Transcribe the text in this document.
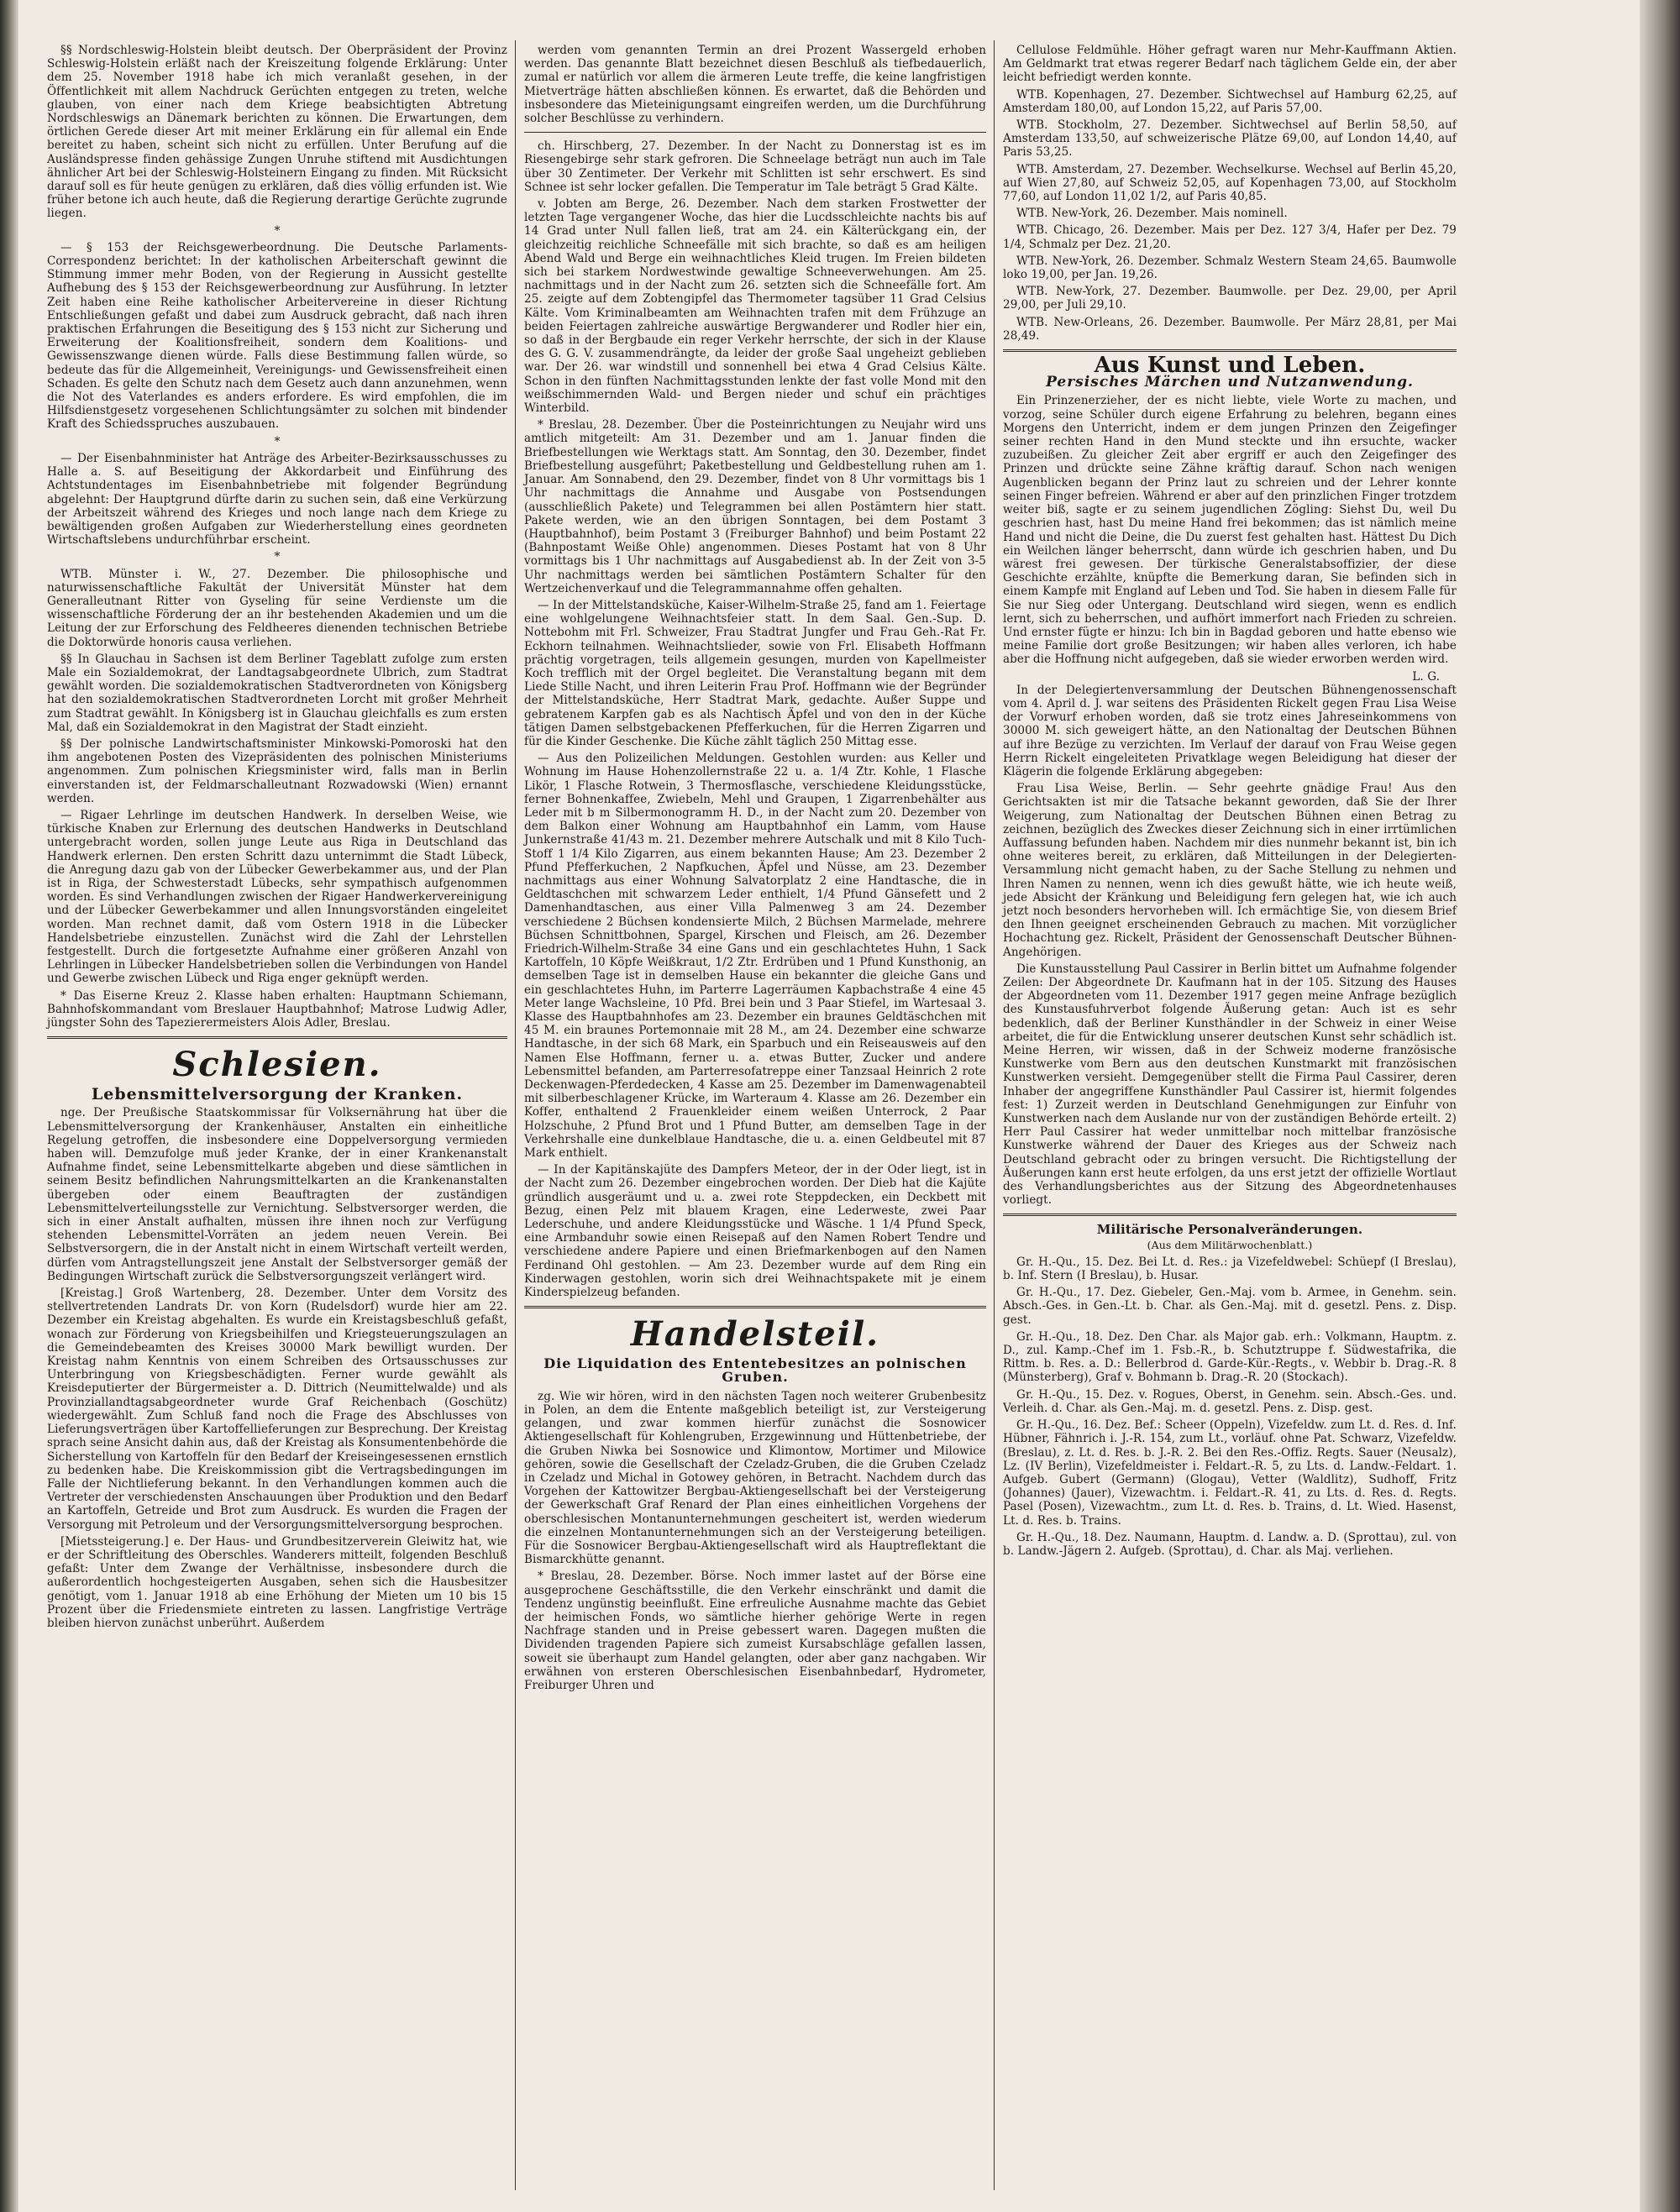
§§ Nordschleswig-Holstein bleibt deutsch. Der Oberpräsident der Provinz Schleswig-Holstein erläßt nach der Kreiszeitung folgende Erklärung: Unter dem 25. November 1918 habe ich mich veranlaßt gesehen, in der Öffentlichkeit mit allem Nachdruck Gerüchten entgegen zu treten, welche glauben, von einer nach dem Kriege beabsichtigten Abtretung Nordschleswigs an Dänemark berichten zu können. Die Erwartungen, dem örtlichen Gerede dieser Art mit meiner Erklärung ein für allemal ein Ende bereitet zu haben, scheint sich nicht zu erfüllen. Unter Berufung auf die Ausländspresse finden gehässige Zungen Unruhe stiftend mit Ausdichtungen ähnlicher Art bei der Schleswig-Holsteinern Eingang zu finden. Mit Rücksicht darauf soll es für heute genügen zu erklären, daß dies völlig erfunden ist. Wie früher betone ich auch heute, daß die Regierung derartige Gerüchte zugrunde liegen.

*

— § 153 der Reichsgewerbeordnung. Die Deutsche Parlaments-Correspondenz berichtet: In der katholischen Arbeiterschaft gewinnt die Stimmung immer mehr Boden, von der Regierung in Aussicht gestellte Aufhebung des § 153 der Reichsgewerbeordnung zur Ausführung. In letzter Zeit haben eine Reihe katholischer Arbeitervereine in dieser Richtung Entschließungen gefaßt und dabei zum Ausdruck gebracht, daß nach ihren praktischen Erfahrungen die Beseitigung des § 153 nicht zur Sicherung und Erweiterung der Koalitionsfreiheit, sondern dem Koalitions- und Gewissenszwange dienen würde. Falls diese Bestimmung fallen würde, so bedeute das für die Allgemeinheit, Vereinigungs- und Gewissensfreiheit einen Schaden. Es gelte den Schutz nach dem Gesetz auch dann anzunehmen, wenn die Not des Vaterlandes es anders erfordere. Es wird empfohlen, die im Hilfsdienstgesetz vorgesehenen Schlichtungsämter zu solchen mit bindender Kraft des Schiedsspruches auszubauen.

*

— Der Eisenbahnminister hat Anträge des Arbeiter-Bezirksausschusses zu Halle a. S. auf Beseitigung der Akkordarbeit und Einführung des Achtstundentages im Eisenbahnbetriebe mit folgender Begründung abgelehnt: Der Hauptgrund dürfte darin zu suchen sein, daß eine Verkürzung der Arbeitszeit während des Krieges und noch lange nach dem Kriege zu bewältigenden großen Aufgaben zur Wiederherstellung eines geordneten Wirtschaftslebens undurchführbar erscheint.

*

WTB. Münster i. W., 27. Dezember. Die philosophische und naturwissenschaftliche Fakultät der Universität Münster hat dem Generalleutnant Ritter von Gyseling für seine Verdienste um die wissenschaftliche Förderung der an ihr bestehenden Akademien und um die Leitung der zur Erforschung des Feldheeres dienenden technischen Betriebe die Doktorwürde honoris causa verliehen.

§§ In Glauchau in Sachsen ist dem Berliner Tageblatt zufolge zum ersten Male ein Sozialdemokrat, der Landtagsabgeordnete Ulbrich, zum Stadtrat gewählt worden. Die sozialdemokratischen Stadtverordneten von Königsberg hat den sozialdemokratischen Stadtverordneten Lorcht mit großer Mehrheit zum Stadtrat gewählt. In Königsberg ist in Glauchau gleichfalls es zum ersten Mal, daß ein Sozialdemokrat in den Magistrat der Stadt einzieht.

§§ Der polnische Landwirtschaftsminister Minkowski-Pomoroski hat den ihm angebotenen Posten des Vizepräsidenten des polnischen Ministeriums angenommen. Zum polnischen Kriegsminister wird, falls man in Berlin einverstanden ist, der Feldmarschalleutnant Rozwadowski (Wien) ernannt werden.

— Rigaer Lehrlinge im deutschen Handwerk. In derselben Weise, wie türkische Knaben zur Erlernung des deutschen Handwerks in Deutschland untergebracht worden, sollen junge Leute aus Riga in Deutschland das Handwerk erlernen. Den ersten Schritt dazu unternimmt die Stadt Lübeck, die Anregung dazu gab von der Lübecker Gewerbekammer aus, und der Plan ist in Riga, der Schwesterstadt Lübecks, sehr sympathisch aufgenommen worden. Es sind Verhandlungen zwischen der Rigaer Handwerkervereinigung und der Lübecker Gewerbekammer und allen Innungsvorständen eingeleitet worden. Man rechnet damit, daß vom Ostern 1918 in die Lübecker Handelsbetriebe einzustellen. Zunächst wird die Zahl der Lehrstellen festgestellt. Durch die fortgesetzte Aufnahme einer größeren Anzahl von Lehrlingen in Lübecker Handelsbetrieben sollen die Verbindungen von Handel und Gewerbe zwischen Lübeck und Riga enger geknüpft werden.

* Das Eiserne Kreuz 2. Klasse haben erhalten: Hauptmann Schiemann, Bahnhofskommandant vom Breslauer Hauptbahnhof; Matrose Ludwig Adler, jüngster Sohn des Tapezierermeisters Alois Adler, Breslau.

Schlesien.
Lebensmittelversorgung der Kranken.

nge. Der Preußische Staatskommissar für Volksernährung hat über die Lebensmittelversorgung der Krankenhäuser, Anstalten ein einheitliche Regelung getroffen, die insbesondere eine Doppelversorgung vermieden haben will. Demzufolge muß jeder Kranke, der in einer Krankenanstalt Aufnahme findet, seine Lebensmittelkarte abgeben und diese sämtlichen in seinem Besitz befindlichen Nahrungsmittelkarten an die Krankenanstalten übergeben oder einem Beauftragten der zuständigen Lebensmittelverteilungsstelle zur Vernichtung. Selbstversorger werden, die sich in einer Anstalt aufhalten, müssen ihre ihnen noch zur Verfügung stehenden Lebensmittel-Vorräten an jedem neuen Verein. Bei Selbstversorgern, die in der Anstalt nicht in einem Wirtschaft verteilt werden, dürfen vom Antragstellungszeit jene Anstalt der Selbstversorger gemäß der Bedingungen Wirtschaft zurück die Selbstversorgungszeit verlängert wird.

[Kreistag.] Groß Wartenberg, 28. Dezember. Unter dem Vorsitz des stellvertretenden Landrats Dr. von Korn (Rudelsdorf) wurde hier am 22. Dezember ein Kreistag abgehalten. Es wurde ein Kreistagsbeschluß gefaßt, wonach zur Förderung von Kriegsbeihilfen und Kriegsteuerungszulagen an die Gemeindebeamten des Kreises 30000 Mark bewilligt wurden. Der Kreistag nahm Kenntnis von einem Schreiben des Ortsausschusses zur Unterbringung von Kriegsbeschädigten. Ferner wurde gewählt als Kreisdeputierter der Bürgermeister a. D. Dittrich (Neumittelwalde) und als Provinziallandtagsabgeordneter wurde Graf Reichenbach (Goschütz) wiedergewählt. Zum Schluß fand noch die Frage des Abschlusses von Lieferungsverträgen über Kartoffellieferungen zur Besprechung. Der Kreistag sprach seine Ansicht dahin aus, daß der Kreistag als Konsumentenbehörde die Sicherstellung von Kartoffeln für den Bedarf der Kreiseingesessenen ernstlich zu bedenken habe. Die Kreiskommission gibt die Vertragsbedingungen im Falle der Nichtlieferung bekannt. In den Verhandlungen kommen auch die Vertreter der verschiedensten Anschauungen über Produktion und den Bedarf an Kartoffeln, Getreide und Brot zum Ausdruck. Es wurden die Fragen der Versorgung mit Petroleum und der Versorgungsmittelversorgung besprochen.

[Mietssteigerung.] e. Der Haus- und Grundbesitzerverein Gleiwitz hat, wie er der Schriftleitung des Oberschles. Wanderers mitteilt, folgenden Beschluß gefaßt: Unter dem Zwange der Verhältnisse, insbesondere durch die außerordentlich hochgesteigerten Ausgaben, sehen sich die Hausbesitzer genötigt, vom 1. Januar 1918 ab eine Erhöhung der Mieten um 10 bis 15 Prozent über die Friedensmiete eintreten zu lassen. Langfristige Verträge bleiben hiervon zunächst unberührt. Außerdem

werden vom genannten Termin an drei Prozent Wassergeld erhoben werden. Das genannte Blatt bezeichnet diesen Beschluß als tiefbedauerlich, zumal er natürlich vor allem die ärmeren Leute treffe, die keine langfristigen Mietverträge hätten abschließen können. Es erwartet, daß die Behörden und insbesondere das Mieteinigungsamt eingreifen werden, um die Durchführung solcher Beschlüsse zu verhindern.

ch. Hirschberg, 27. Dezember. In der Nacht zu Donnerstag ist es im Riesengebirge sehr stark gefroren. Die Schneelage beträgt nun auch im Tale über 30 Zentimeter. Der Verkehr mit Schlitten ist sehr erschwert. Es sind Schnee ist sehr locker gefallen. Die Temperatur im Tale beträgt 5 Grad Kälte.

v. Jobten am Berge, 26. Dezember. Nach dem starken Frostwetter der letzten Tage vergangener Woche, das hier die Lucdsschleichte nachts bis auf 14 Grad unter Null fallen ließ, trat am 24. ein Kälterückgang ein, der gleichzeitig reichliche Schneefälle mit sich brachte, so daß es am heiligen Abend Wald und Berge ein weihnachtliches Kleid trugen. Im Freien bildeten sich bei starkem Nordwestwinde gewaltige Schneeverwehungen. Am 25. nachmittags und in der Nacht zum 26. setzten sich die Schneefälle fort. Am 25. zeigte auf dem Zobtengipfel das Thermometer tagsüber 11 Grad Celsius Kälte. Vom Kriminalbeamten am Weihnachten trafen mit dem Frühzuge an beiden Feiertagen zahlreiche auswärtige Bergwanderer und Rodler hier ein, so daß in der Bergbaude ein reger Verkehr herrschte, der sich in der Klause des G. G. V. zusammendrängte, da leider der große Saal ungeheizt geblieben war. Der 26. war windstill und sonnenhell bei etwa 4 Grad Celsius Kälte. Schon in den fünften Nachmittagsstunden lenkte der fast volle Mond mit den weißschimmernden Wald- und Bergen nieder und schuf ein prächtiges Winterbild.

* Breslau, 28. Dezember. Über die Posteinrichtungen zu Neujahr wird uns amtlich mitgeteilt: Am 31. Dezember und am 1. Januar finden die Briefbestellungen wie Werktags statt. Am Sonntag, den 30. Dezember, findet Briefbestellung ausgeführt; Paketbestellung und Geldbestellung ruhen am 1. Januar. Am Sonnabend, den 29. Dezember, findet von 8 Uhr vormittags bis 1 Uhr nachmittags die Annahme und Ausgabe von Postsendungen (ausschließlich Pakete) und Telegrammen bei allen Postämtern hier statt. Pakete werden, wie an den übrigen Sonntagen, bei dem Postamt 3 (Hauptbahnhof), beim Postamt 3 (Freiburger Bahnhof) und beim Postamt 22 (Bahnpostamt Weiße Ohle) angenommen. Dieses Postamt hat von 8 Uhr vormittags bis 1 Uhr nachmittags auf Ausgabedienst ab. In der Zeit von 3-5 Uhr nachmittags werden bei sämtlichen Postämtern Schalter für den Wertzeichenverkauf und die Telegrammannahme offen gehalten.

— In der Mittelstandsküche, Kaiser-Wilhelm-Straße 25, fand am 1. Feiertage eine wohlgelungene Weihnachtsfeier statt. In dem Saal. Gen.-Sup. D. Nottebohm mit Frl. Schweizer, Frau Stadtrat Jungfer und Frau Geh.-Rat Fr. Eckhorn teilnahmen. Weihnachtslieder, sowie von Frl. Elisabeth Hoffmann prächtig vorgetragen, teils allgemein gesungen, murden von Kapellmeister Koch trefflich mit der Orgel begleitet. Die Veranstaltung begann mit dem Liede Stille Nacht, und ihren Leiterin Frau Prof. Hoffmann wie der Begründer der Mittelstandsküche, Herr Stadtrat Mark, gedachte. Außer Suppe und gebratenem Karpfen gab es als Nachtisch Äpfel und von den in der Küche tätigen Damen selbstgebackenen Pfefferkuchen, für die Herren Zigarren und für die Kinder Geschenke. Die Küche zählt täglich 250 Mittag esse.

— Aus den Polizeilichen Meldungen. Gestohlen wurden: aus Keller und Wohnung im Hause Hohenzollernstraße 22 u. a. 1/4 Ztr. Kohle, 1 Flasche Likör, 1 Flasche Rotwein, 3 Thermosflasche, verschiedene Kleidungsstücke, ferner Bohnenkaffee, Zwiebeln, Mehl und Graupen, 1 Zigarrenbehälter aus Leder mit b m Silbermonogramm H. D., in der Nacht zum 20. Dezember von dem Balkon einer Wohnung am Hauptbahnhof ein Lamm, vom Hause Junkernstraße 41/43 m. 21. Dezember mehrere Autschalk und mit 8 Kilo Tuch-Stoff 1 1/4 Kilo Zigarren, aus einem bekannten Hause; Am 23. Dezember 2 Pfund Pfefferkuchen, 2 Napfkuchen, Äpfel und Nüsse, am 23. Dezember nachmittags aus einer Wohnung Salvatorplatz 2 eine Handtasche, die in Geldtaschchen mit schwarzem Leder enthielt, 1/4 Pfund Gänsefett und 2 Damenhandtaschen, aus einer Villa Palmenweg 3 am 24. Dezember verschiedene 2 Büchsen kondensierte Milch, 2 Büchsen Marmelade, mehrere Büchsen Schnittbohnen, Spargel, Kirschen und Fleisch, am 26. Dezember Friedrich-Wilhelm-Straße 34 eine Gans und ein geschlachtetes Huhn, 1 Sack Kartoffeln, 10 Köpfe Weißkraut, 1/2 Ztr. Erdrüben und 1 Pfund Kunsthonig, an demselben Tage ist in demselben Hause ein bekannter die gleiche Gans und ein geschlachtetes Huhn, im Parterre Lagerräumen Kapbachstraße 4 eine 45 Meter lange Wachsleine, 10 Pfd. Brei bein und 3 Paar Stiefel, im Wartesaal 3. Klasse des Hauptbahnhofes am 23. Dezember ein braunes Geldtäschchen mit 45 M. ein braunes Portemonnaie mit 28 M., am 24. Dezember eine schwarze Handtasche, in der sich 68 Mark, ein Sparbuch und ein Reiseausweis auf den Namen Else Hoffmann, ferner u. a. etwas Butter, Zucker und andere Lebensmittel befanden, am Parterresofatreppe einer Tanzsaal Heinrich 2 rote Deckenwagen-Pferdedecken, 4 Kasse am 25. Dezember im Damenwagenabteil mit silberbeschlagener Krücke, im Warteraum 4. Klasse am 26. Dezember ein Koffer, enthaltend 2 Frauenkleider einem weißen Unterrock, 2 Paar Holzschuhe, 2 Pfund Brot und 1 Pfund Butter, am demselben Tage in der Verkehrshalle eine dunkelblaue Handtasche, die u. a. einen Geldbeutel mit 87 Mark enthielt.

— In der Kapitänskajüte des Dampfers Meteor, der in der Oder liegt, ist in der Nacht zum 26. Dezember eingebrochen worden. Der Dieb hat die Kajüte gründlich ausgeräumt und u. a. zwei rote Steppdecken, ein Deckbett mit Bezug, einen Pelz mit blauem Kragen, eine Lederweste, zwei Paar Lederschuhe, und andere Kleidungsstücke und Wäsche. 1 1/4 Pfund Speck, eine Armbanduhr sowie einen Reisepaß auf den Namen Robert Tendre und verschiedene andere Papiere und einen Briefmarkenbogen auf den Namen Ferdinand Ohl gestohlen. — Am 23. Dezember wurde auf dem Ring ein Kinderwagen gestohlen, worin sich drei Weihnachtspakete mit je einem Kinderspielzeug befanden.

Handelsteil.
Die Liquidation des Ententebesitzes an polnischen Gruben.

zg. Wie wir hören, wird in den nächsten Tagen noch weiterer Grubenbesitz in Polen, an dem die Entente maßgeblich beteiligt ist, zur Versteigerung gelangen, und zwar kommen hierfür zunächst die Sosnowicer Aktiengesellschaft für Kohlengruben, Erzgewinnung und Hüttenbetriebe, der die Gruben Niwka bei Sosnowice und Klimontow, Mortimer und Milowice gehören, sowie die Gesellschaft der Czeladz-Gruben, die die Gruben Czeladz in Czeladz und Michal in Gotowey gehören, in Betracht. Nachdem durch das Vorgehen der Kattowitzer Bergbau-Aktiengesellschaft bei der Versteigerung der Gewerkschaft Graf Renard der Plan eines einheitlichen Vorgehens der oberschlesischen Montanunternehmungen gescheitert ist, werden wiederum die einzelnen Montanunternehmungen sich an der Versteigerung beteiligen. Für die Sosnowicer Bergbau-Aktiengesellschaft wird als Hauptreflektant die Bismarckhütte genannt.

* Breslau, 28. Dezember. Börse. Noch immer lastet auf der Börse eine ausgeprochene Geschäftsstille, die den Verkehr einschränkt und damit die Tendenz ungünstig beeinflußt. Eine erfreuliche Ausnahme machte das Gebiet der heimischen Fonds, wo sämtliche hierher gehörige Werte in regen Nachfrage standen und in Preise gebessert waren. Dagegen mußten die Dividenden tragenden Papiere sich zumeist Kursabschläge gefallen lassen, soweit sie überhaupt zum Handel gelangten, oder aber ganz nachgaben. Wir erwähnen von ersteren Oberschlesischen Eisenbahnbedarf, Hydrometer, Freiburger Uhren und

Cellulose Feldmühle. Höher gefragt waren nur Mehr-Kauffmann Aktien. Am Geldmarkt trat etwas regerer Bedarf nach täglichem Gelde ein, der aber leicht befriedigt werden konnte.

WTB. Kopenhagen, 27. Dezember. Sichtwechsel auf Hamburg 62,25, auf Amsterdam 180,00, auf London 15,22, auf Paris 57,00.

WTB. Stockholm, 27. Dezember. Sichtwechsel auf Berlin 58,50, auf Amsterdam 133,50, auf schweizerische Plätze 69,00, auf London 14,40, auf Paris 53,25.

WTB. Amsterdam, 27. Dezember. Wechselkurse. Wechsel auf Berlin 45,20, auf Wien 27,80, auf Schweiz 52,05, auf Kopenhagen 73,00, auf Stockholm 77,60, auf London 11,02 1/2, auf Paris 40,85.

WTB. New-York, 26. Dezember. Mais nominell.

WTB. Chicago, 26. Dezember. Mais per Dez. 127 3/4, Hafer per Dez. 79 1/4, Schmalz per Dez. 21,20.

WTB. New-York, 26. Dezember. Schmalz Western Steam 24,65. Baumwolle loko 19,00, per Jan. 19,26.

WTB. New-York, 27. Dezember. Baumwolle. per Dez. 29,00, per April 29,00, per Juli 29,10.

WTB. New-Orleans, 26. Dezember. Baumwolle. Per März 28,81, per Mai 28,49.

Aus Kunst und Leben.
Persisches Märchen und Nutzanwendung.

Ein Prinzenerzieher, der es nicht liebte, viele Worte zu machen, und vorzog, seine Schüler durch eigene Erfahrung zu belehren, begann eines Morgens den Unterricht, indem er dem jungen Prinzen den Zeigefinger seiner rechten Hand in den Mund steckte und ihn ersuchte, wacker zuzubeißen. Zu gleicher Zeit aber ergriff er auch den Zeigefinger des Prinzen und drückte seine Zähne kräftig darauf. Schon nach wenigen Augenblicken begann der Prinz laut zu schreien und der Lehrer konnte seinen Finger befreien. Während er aber auf den prinzlichen Finger trotzdem weiter biß, sagte er zu seinem jugendlichen Zögling: Siehst Du, weil Du geschrien hast, hast Du meine Hand frei bekommen; das ist nämlich meine Hand und nicht die Deine, die Du zuerst fest gehalten hast. Hättest Du Dich ein Weilchen länger beherrscht, dann würde ich geschrien haben, und Du wärest frei gewesen. Der türkische Generalstabsoffizier, der diese Geschichte erzählte, knüpfte die Bemerkung daran, Sie befinden sich in einem Kampfe mit England auf Leben und Tod. Sie haben in diesem Falle für Sie nur Sieg oder Untergang. Deutschland wird siegen, wenn es endlich lernt, sich zu beherrschen, und aufhört immerfort nach Frieden zu schreien. Und ernster fügte er hinzu: Ich bin in Bagdad geboren und hatte ebenso wie meine Familie dort große Besitzungen; wir haben alles verloren, ich habe aber die Hoffnung nicht aufgegeben, daß sie wieder erworben werden wird.

L. G.

In der Delegiertenversammlung der Deutschen Bühnengenossenschaft vom 4. April d. J. war seitens des Präsidenten Rickelt gegen Frau Lisa Weise der Vorwurf erhoben worden, daß sie trotz eines Jahreseinkommens von 30000 M. sich geweigert hätte, an den Nationaltag der Deutschen Bühnen auf ihre Bezüge zu verzichten. Im Verlauf der darauf von Frau Weise gegen Herrn Rickelt eingeleiteten Privatklage wegen Beleidigung hat dieser der Klägerin die folgende Erklärung abgegeben:

Frau Lisa Weise, Berlin. — Sehr geehrte gnädige Frau! Aus den Gerichtsakten ist mir die Tatsache bekannt geworden, daß Sie der Ihrer Weigerung, zum Nationaltag der Deutschen Bühnen einen Betrag zu zeichnen, bezüglich des Zweckes dieser Zeichnung sich in einer irrtümlichen Auffassung befunden haben. Nachdem mir dies nunmehr bekannt ist, bin ich ohne weiteres bereit, zu erklären, daß Mitteilungen in der Delegierten-Versammlung nicht gemacht haben, zu der Sache Stellung zu nehmen und Ihren Namen zu nennen, wenn ich dies gewußt hätte, wie ich heute weiß, jede Absicht der Kränkung und Beleidigung fern gelegen hat, wie ich auch jetzt noch besonders hervorheben will. Ich ermächtige Sie, von diesem Brief den Ihnen geeignet erscheinenden Gebrauch zu machen. Mit vorzüglicher Hochachtung gez. Rickelt, Präsident der Genossenschaft Deutscher Bühnen-Angehörigen.

Die Kunstausstellung Paul Cassirer in Berlin bittet um Aufnahme folgender Zeilen: Der Abgeordnete Dr. Kaufmann hat in der 105. Sitzung des Hauses der Abgeordneten vom 11. Dezember 1917 gegen meine Anfrage bezüglich des Kunstausfuhrverbot folgende Äußerung getan: Auch ist es sehr bedenklich, daß der Berliner Kunsthändler in der Schweiz in einer Weise arbeitet, die für die Entwicklung unserer deutschen Kunst sehr schädlich ist. Meine Herren, wir wissen, daß in der Schweiz moderne französische Kunstwerke vom Bern aus den deutschen Kunstmarkt mit französischen Kunstwerken versieht. Demgegenüber stellt die Firma Paul Cassirer, deren Inhaber der angegriffene Kunsthändler Paul Cassirer ist, hiermit folgendes fest: 1) Zurzeit werden in Deutschland Genehmigungen zur Einfuhr von Kunstwerken nach dem Auslande nur von der zuständigen Behörde erteilt. 2) Herr Paul Cassirer hat weder unmittelbar noch mittelbar französische Kunstwerke während der Dauer des Krieges aus der Schweiz nach Deutschland gebracht oder zu bringen versucht. Die Richtigstellung der Äußerungen kann erst heute erfolgen, da uns erst jetzt der offizielle Wortlaut des Verhandlungsberichtes aus der Sitzung des Abgeordnetenhauses vorliegt.

Militärische Personalveränderungen.
(Aus dem Militärwochenblatt.)

Gr. H.-Qu., 15. Dez. Bei Lt. d. Res.: ja Vizefeldwebel: Schüepf (I Breslau), b. Inf. Stern (I Breslau), b. Husar.

Gr. H.-Qu., 17. Dez. Giebeler, Gen.-Maj. vom b. Armee, in Genehm. sein. Absch.-Ges. in Gen.-Lt. b. Char. als Gen.-Maj. mit d. gesetzl. Pens. z. Disp. gest.

Gr. H.-Qu., 18. Dez. Den Char. als Major gab. erh.: Volkmann, Hauptm. z. D., zul. Kamp.-Chef im 1. Fsb.-R., b. Schutztruppe f. Südwestafrika, die Rittm. b. Res. a. D.: Bellerbrod d. Garde-Kür.-Regts., v. Webbir b. Drag.-R. 8 (Münsterberg), Graf v. Bohmann b. Drag.-R. 20 (Stockach).

Gr. H.-Qu., 15. Dez. v. Rogues, Oberst, in Genehm. sein. Absch.-Ges. und. Verleih. d. Char. als Gen.-Maj. m. d. gesetzl. Pens. z. Disp. gest.

Gr. H.-Qu., 16. Dez. Bef.: Scheer (Oppeln), Vizefeldw. zum Lt. d. Res. d. Inf. Hübner, Fähnrich i. J.-R. 154, zum Lt., vorläuf. ohne Pat. Schwarz, Vizefeldw. (Breslau), z. Lt. d. Res. b. J.-R. 2. Bei den Res.-Offiz. Regts. Sauer (Neusalz), Lz. (IV Berlin), Vizefeldmeister i. Feldart.-R. 5, zu Lts. d. Landw.-Feldart. 1. Aufgeb. Gubert (Germann) (Glogau), Vetter (Waldlitz), Sudhoff, Fritz (Johannes) (Jauer), Vizewachtm. i. Feldart.-R. 41, zu Lts. d. Res. d. Regts. Pasel (Posen), Vizewachtm., zum Lt. d. Res. b. Trains, d. Lt. Wied. Hasenst, Lt. d. Res. b. Trains.

Gr. H.-Qu., 18. Dez. Naumann, Hauptm. d. Landw. a. D. (Sprottau), zul. von b. Landw.-Jägern 2. Aufgeb. (Sprottau), d. Char. als Maj. verliehen.
